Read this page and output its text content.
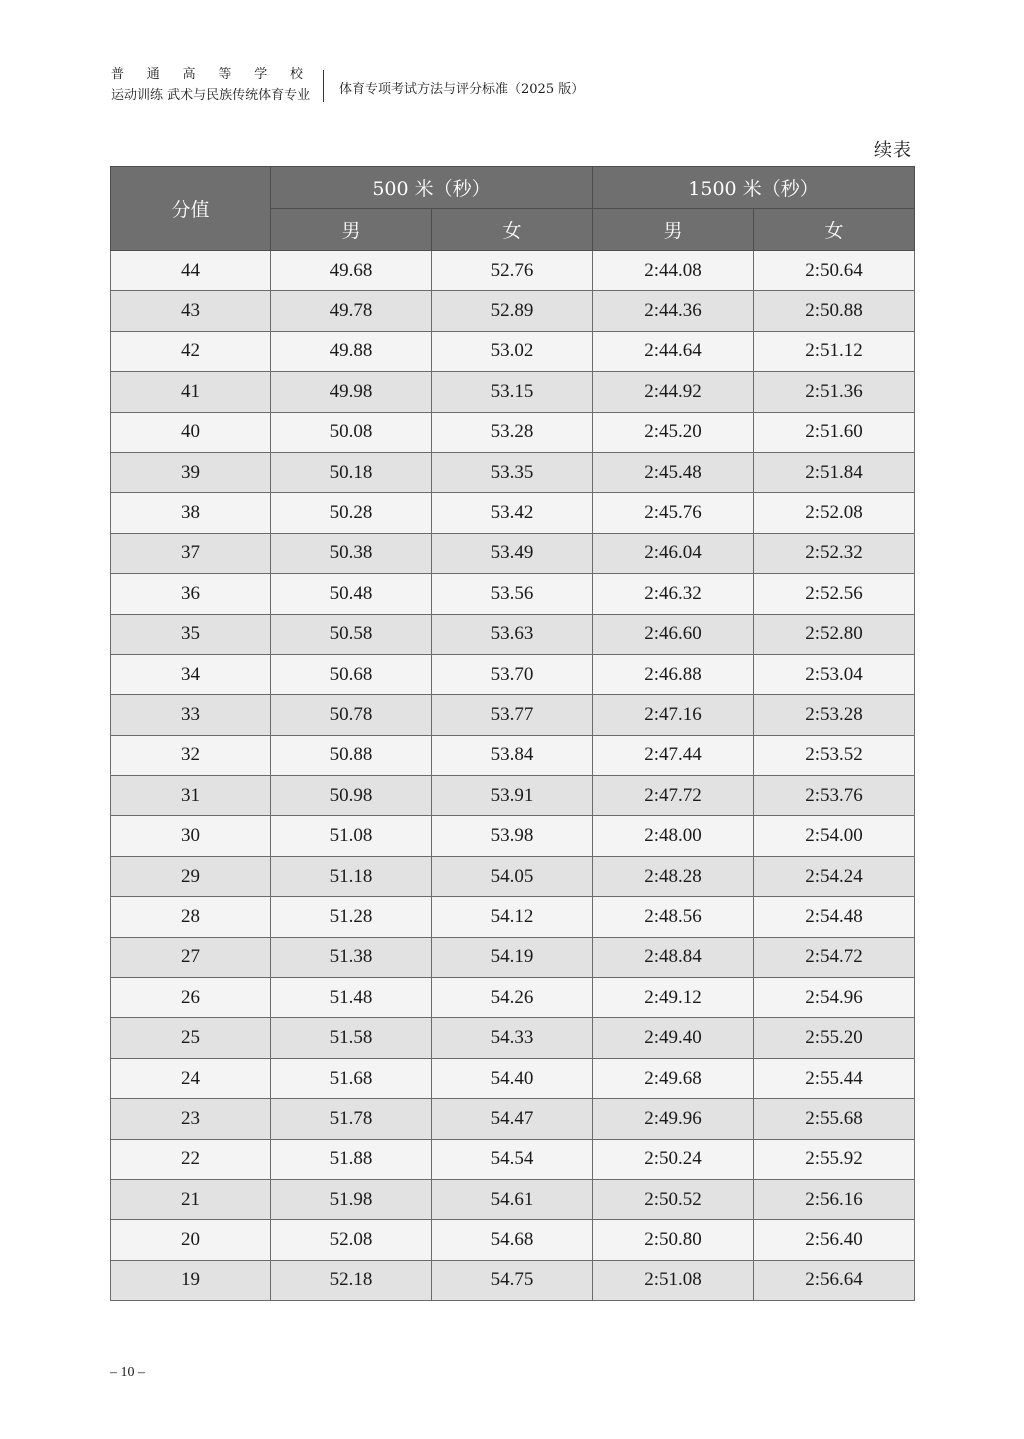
普 通 高 等 学 校
运动训练 武术与民族传统体育专业 体育专项考试方法与评分标准（2025 版）
续表
分值	500 米（秒）		1500 米（秒）	
	男	女	男	女
44	49.68	52.76	2:44.08	2:50.64
43	49.78	52.89	2:44.36	2:50.88
42	49.88	53.02	2:44.64	2:51.12
41	49.98	53.15	2:44.92	2:51.36
40	50.08	53.28	2:45.20	2:51.60
39	50.18	53.35	2:45.48	2:51.84
38	50.28	53.42	2:45.76	2:52.08
37	50.38	53.49	2:46.04	2:52.32
36	50.48	53.56	2:46.32	2:52.56
35	50.58	53.63	2:46.60	2:52.80
34	50.68	53.70	2:46.88	2:53.04
33	50.78	53.77	2:47.16	2:53.28
32	50.88	53.84	2:47.44	2:53.52
31	50.98	53.91	2:47.72	2:53.76
30	51.08	53.98	2:48.00	2:54.00
29	51.18	54.05	2:48.28	2:54.24
28	51.28	54.12	2:48.56	2:54.48
27	51.38	54.19	2:48.84	2:54.72
26	51.48	54.26	2:49.12	2:54.96
25	51.58	54.33	2:49.40	2:55.20
24	51.68	54.40	2:49.68	2:55.44
23	51.78	54.47	2:49.96	2:55.68
22	51.88	54.54	2:50.24	2:55.92
21	51.98	54.61	2:50.52	2:56.16
20	52.08	54.68	2:50.80	2:56.40
19	52.18	54.75	2:51.08	2:56.64
– 10 –
